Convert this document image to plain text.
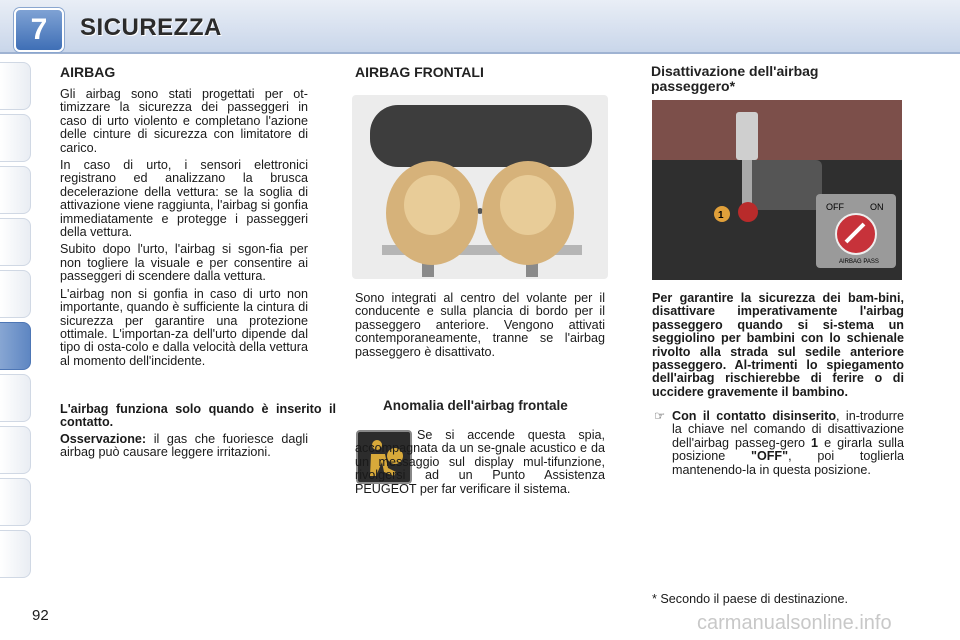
7	SICUREZZA
AIRBAG

Gli airbag sono stati progettati per ot-timizzare la sicurezza dei passeggeri in caso di urto violento e completano l'azione delle cinture di sicurezza con limitatore di carico.

In caso di urto, i sensori elettronici registrano ed analizzano la brusca decelerazione della vettura: se la soglia di attivazione viene raggiunta, l'airbag si gonfia immediatamente e protegge i passeggeri della vettura.

Subito dopo l'urto, l'airbag si sgon-fia per non togliere la visuale e per consentire ai passeggeri di scendere dalla vettura.

L'airbag non si gonfia in caso di urto non importante, quando è sufficiente la cintura di sicurezza per garantire una protezione ottimale. L'importan-za dell'urto dipende dal tipo di osta-colo e dalla velocità della vettura al momento dell'incidente.

L'airbag funziona solo quando è inserito il contatto.
Osservazione: il gas che fuoriesce dagli airbag può causare leggere irritazioni.
AIRBAG FRONTALI
Sono integrati al centro del volante per il conducente e sulla plancia di bordo per il passeggero anteriore. Vengono attivati contemporaneamente, tranne se l'airbag passeggero è disattivato.
Anomalia dell'airbag frontale
Se si accende questa spia, accompagnata da un se-gnale acustico e da un messaggio sul display mul-tifunzione, rivolgersi ad un Punto Assistenza PEUGEOT per far verificare il sistema.
Disattivazione dell'airbag
passeggero*
1
OFF	ON
AIRBAG PASS
Per garantire la sicurezza dei bam-bini, disattivare imperativamente l'airbag passeggero quando si si-stema un seggiolino per bambini con lo schienale rivolto alla strada sul sedile anteriore passeggero. Al-trimenti lo spiegamento dell'airbag rischierebbe di ferire o di uccidere gravemente il bambino.
☞ Con il contatto disinserito, in-trodurre la chiave nel comando di disattivazione dell'airbag passeg-gero 1 e girarla sulla posizione "OFF", poi toglierla mantenendo-la in questa posizione.
* Secondo il paese di destinazione.
92	carmanualsonline.info
